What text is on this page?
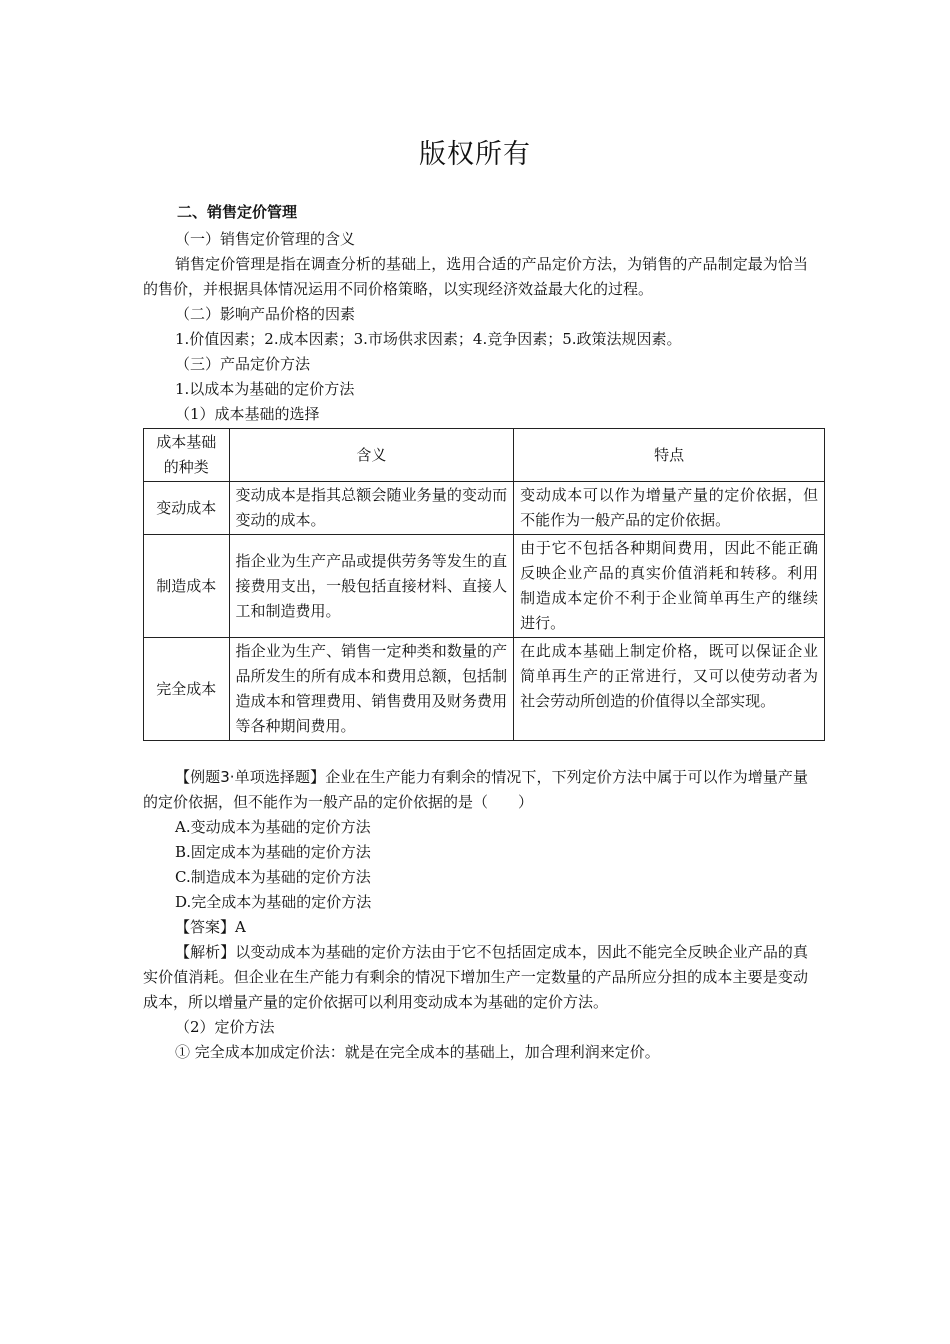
版权所有
二、销售定价管理

（一）销售定价管理的含义

销售定价管理是指在调查分析的基础上，选用合适的产品定价方法，为销售的产品制定最为恰当的售价，并根据具体情况运用不同价格策略，以实现经济效益最大化的过程。

（二）影响产品价格的因素

1.价值因素；2.成本因素；3.市场供求因素；4.竞争因素；5.政策法规因素。

（三）产品定价方法

1.以成本为基础的定价方法

（1）成本基础的选择

成本基础的种类	含义	特点
变动成本	变动成本是指其总额会随业务量的变动而变动的成本。	变动成本可以作为增量产量的定价依据，但不能作为一般产品的定价依据。
制造成本	指企业为生产产品或提供劳务等发生的直接费用支出，一般包括直接材料、直接人工和制造费用。	由于它不包括各种期间费用，因此不能正确反映企业产品的真实价值消耗和转移。利用制造成本定价不利于企业简单再生产的继续进行。
完全成本	指企业为生产、销售一定种类和数量的产品所发生的所有成本和费用总额，包括制造成本和管理费用、销售费用及财务费用等各种期间费用。	在此成本基础上制定价格，既可以保证企业简单再生产的正常进行，又可以使劳动者为社会劳动所创造的价值得以全部实现。

【例题3·单项选择题】企业在生产能力有剩余的情况下，下列定价方法中属于可以作为增量产量的定价依据，但不能作为一般产品的定价依据的是（　　）

A.变动成本为基础的定价方法

B.固定成本为基础的定价方法

C.制造成本为基础的定价方法

D.完全成本为基础的定价方法

【答案】A

【解析】以变动成本为基础的定价方法由于它不包括固定成本，因此不能完全反映企业产品的真实价值消耗。但企业在生产能力有剩余的情况下增加生产一定数量的产品所应分担的成本主要是变动成本，所以增量产量的定价依据可以利用变动成本为基础的定价方法。

（2）定价方法

① 完全成本加成定价法：就是在完全成本的基础上，加合理利润来定价。
